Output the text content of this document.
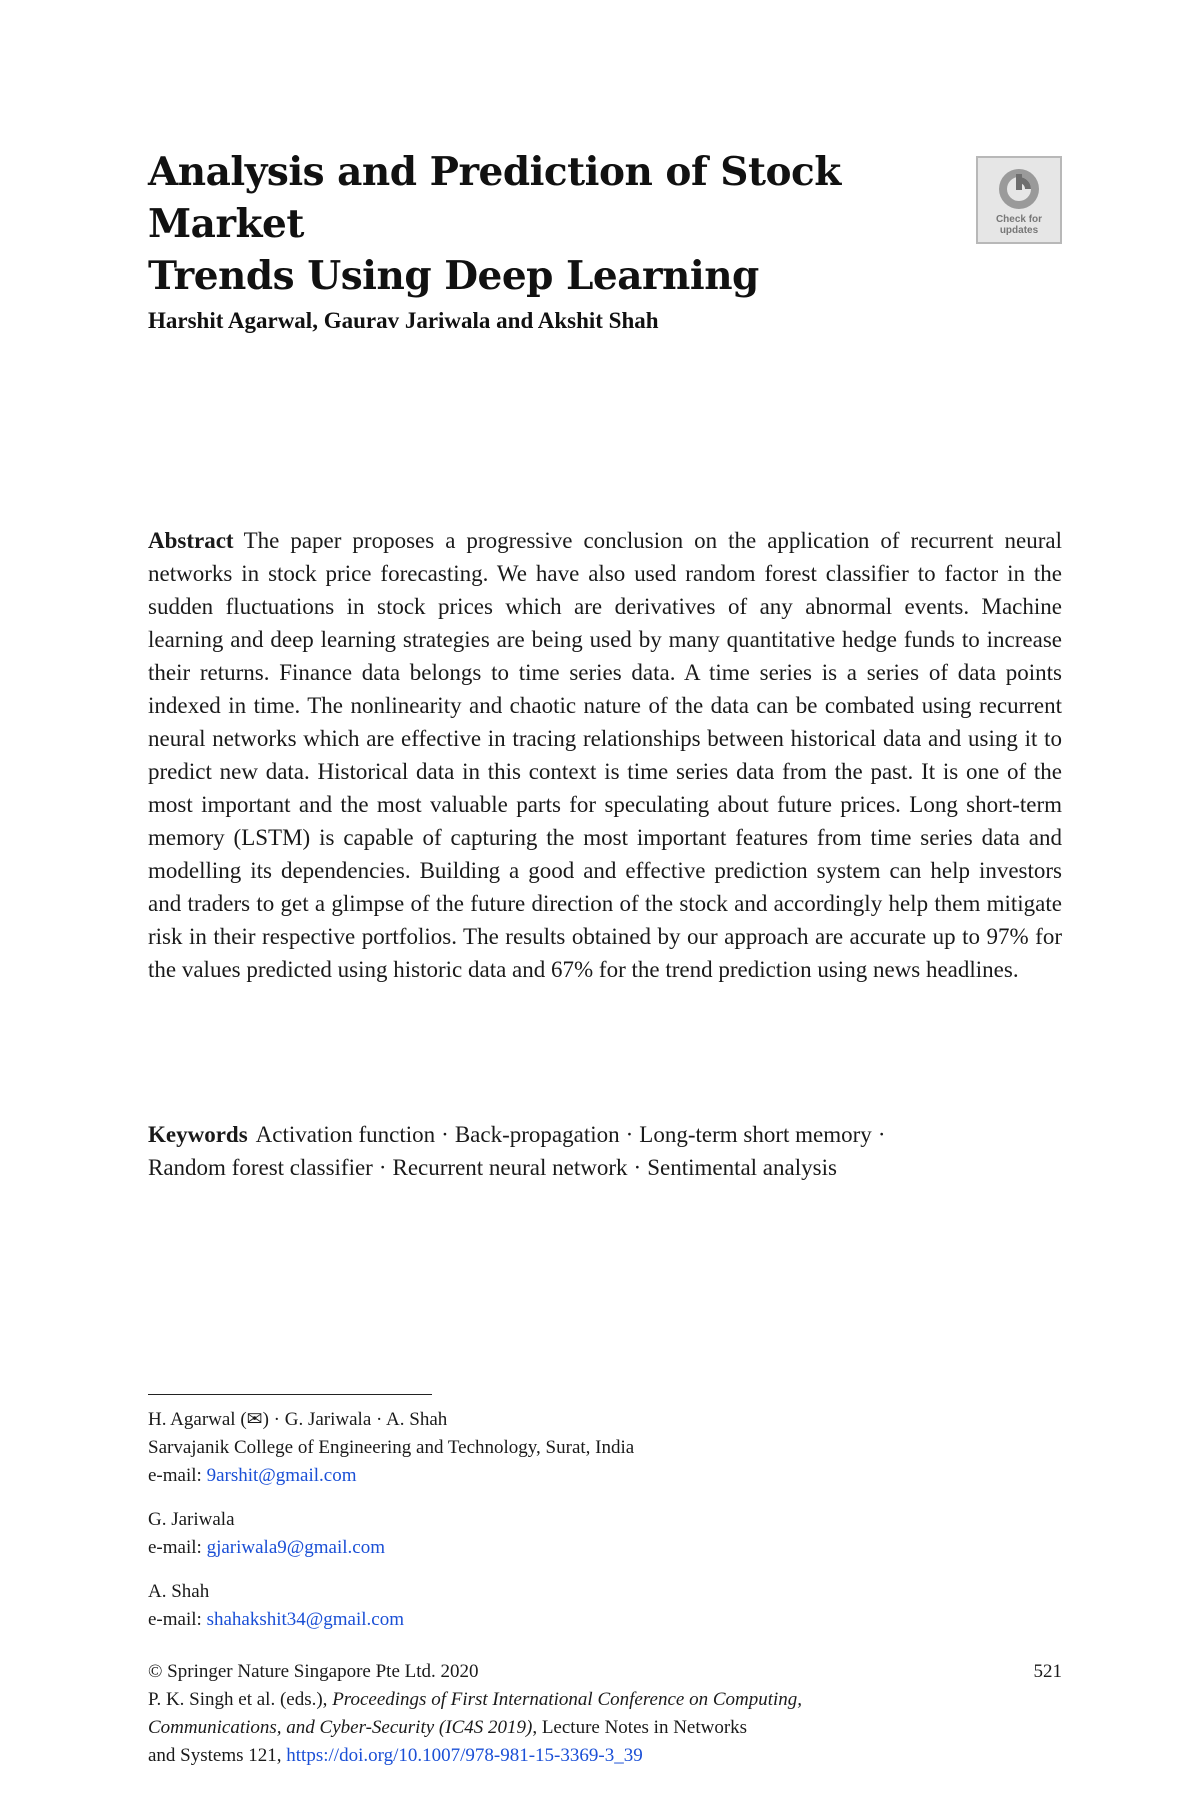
Analysis and Prediction of Stock Market
Trends Using Deep Learning
Check for updates
Harshit Agarwal, Gaurav Jariwala and Akshit Shah
Abstract The paper proposes a progressive conclusion on the application of recurrent neural networks in stock price forecasting. We have also used random forest classifier to factor in the sudden fluctuations in stock prices which are derivatives of any abnormal events. Machine learning and deep learning strategies are being used by many quantitative hedge funds to increase their returns. Finance data belongs to time series data. A time series is a series of data points indexed in time. The nonlinearity and chaotic nature of the data can be combated using recurrent neural networks which are effective in tracing relationships between historical data and using it to predict new data. Historical data in this context is time series data from the past. It is one of the most important and the most valuable parts for speculating about future prices. Long short-term memory (LSTM) is capable of capturing the most important features from time series data and modelling its dependencies. Building a good and effective prediction system can help investors and traders to get a glimpse of the future direction of the stock and accordingly help them mitigate risk in their respective portfolios. The results obtained by our approach are accurate up to 97% for the values predicted using historic data and 67% for the trend prediction using news headlines.
Keywords Activation function · Back-propagation · Long-term short memory ·
Random forest classifier · Recurrent neural network · Sentimental analysis
H. Agarwal (✉) · G. Jariwala · A. Shah
Sarvajanik College of Engineering and Technology, Surat, India
e-mail: 9arshit@gmail.com
G. Jariwala
e-mail: gjariwala9@gmail.com
A. Shah
e-mail: shahakshit34@gmail.com
521
© Springer Nature Singapore Pte Ltd. 2020
P. K. Singh et al. (eds.), Proceedings of First International Conference on Computing,
Communications, and Cyber-Security (IC4S 2019), Lecture Notes in Networks
and Systems 121, https://doi.org/10.1007/978-981-15-3369-3_39
